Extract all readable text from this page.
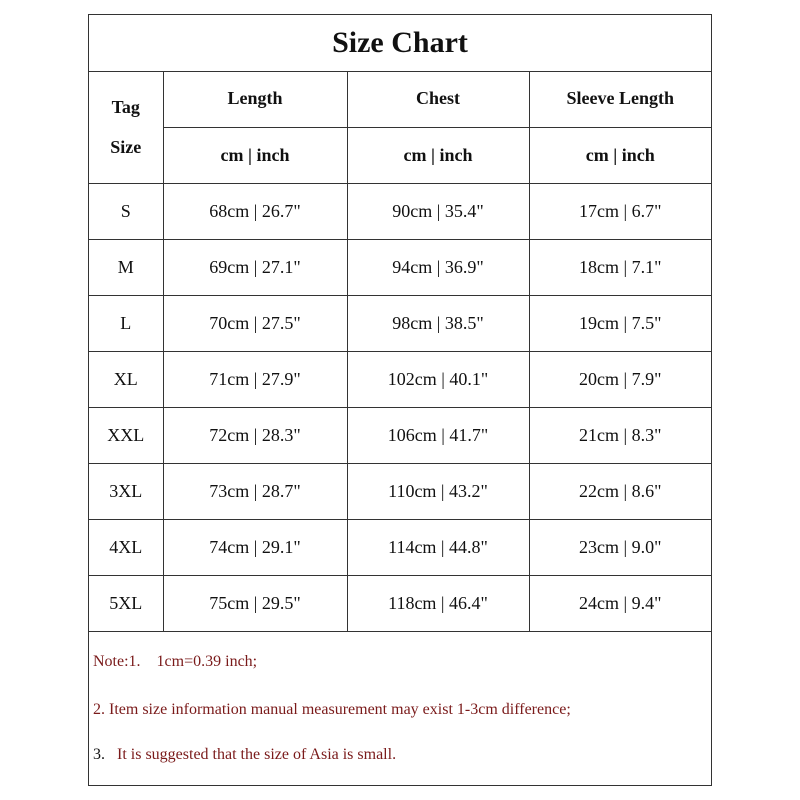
Size Chart
Tag
Size	Length	Chest	Sleeve Length
	cm | inch	cm | inch	cm | inch
S	68cm | 26.7"	90cm | 35.4"	17cm | 6.7"
M	69cm | 27.1"	94cm | 36.9"	18cm | 7.1"
L	70cm | 27.5"	98cm | 38.5"	19cm | 7.5"
XL	71cm | 27.9"	102cm | 40.1"	20cm | 7.9"
XXL	72cm | 28.3"	106cm | 41.7"	21cm | 8.3"
3XL	73cm | 28.7"	110cm | 43.2"	22cm | 8.6"
4XL	74cm | 29.1"	114cm | 44.8"	23cm | 9.0"
5XL	75cm | 29.5"	118cm | 46.4"	24cm | 9.4"
Note:1. 1cm=0.39 inch;
2. Item size information manual measurement may exist 1-3cm difference;
3. It is suggested that the size of Asia is small.
